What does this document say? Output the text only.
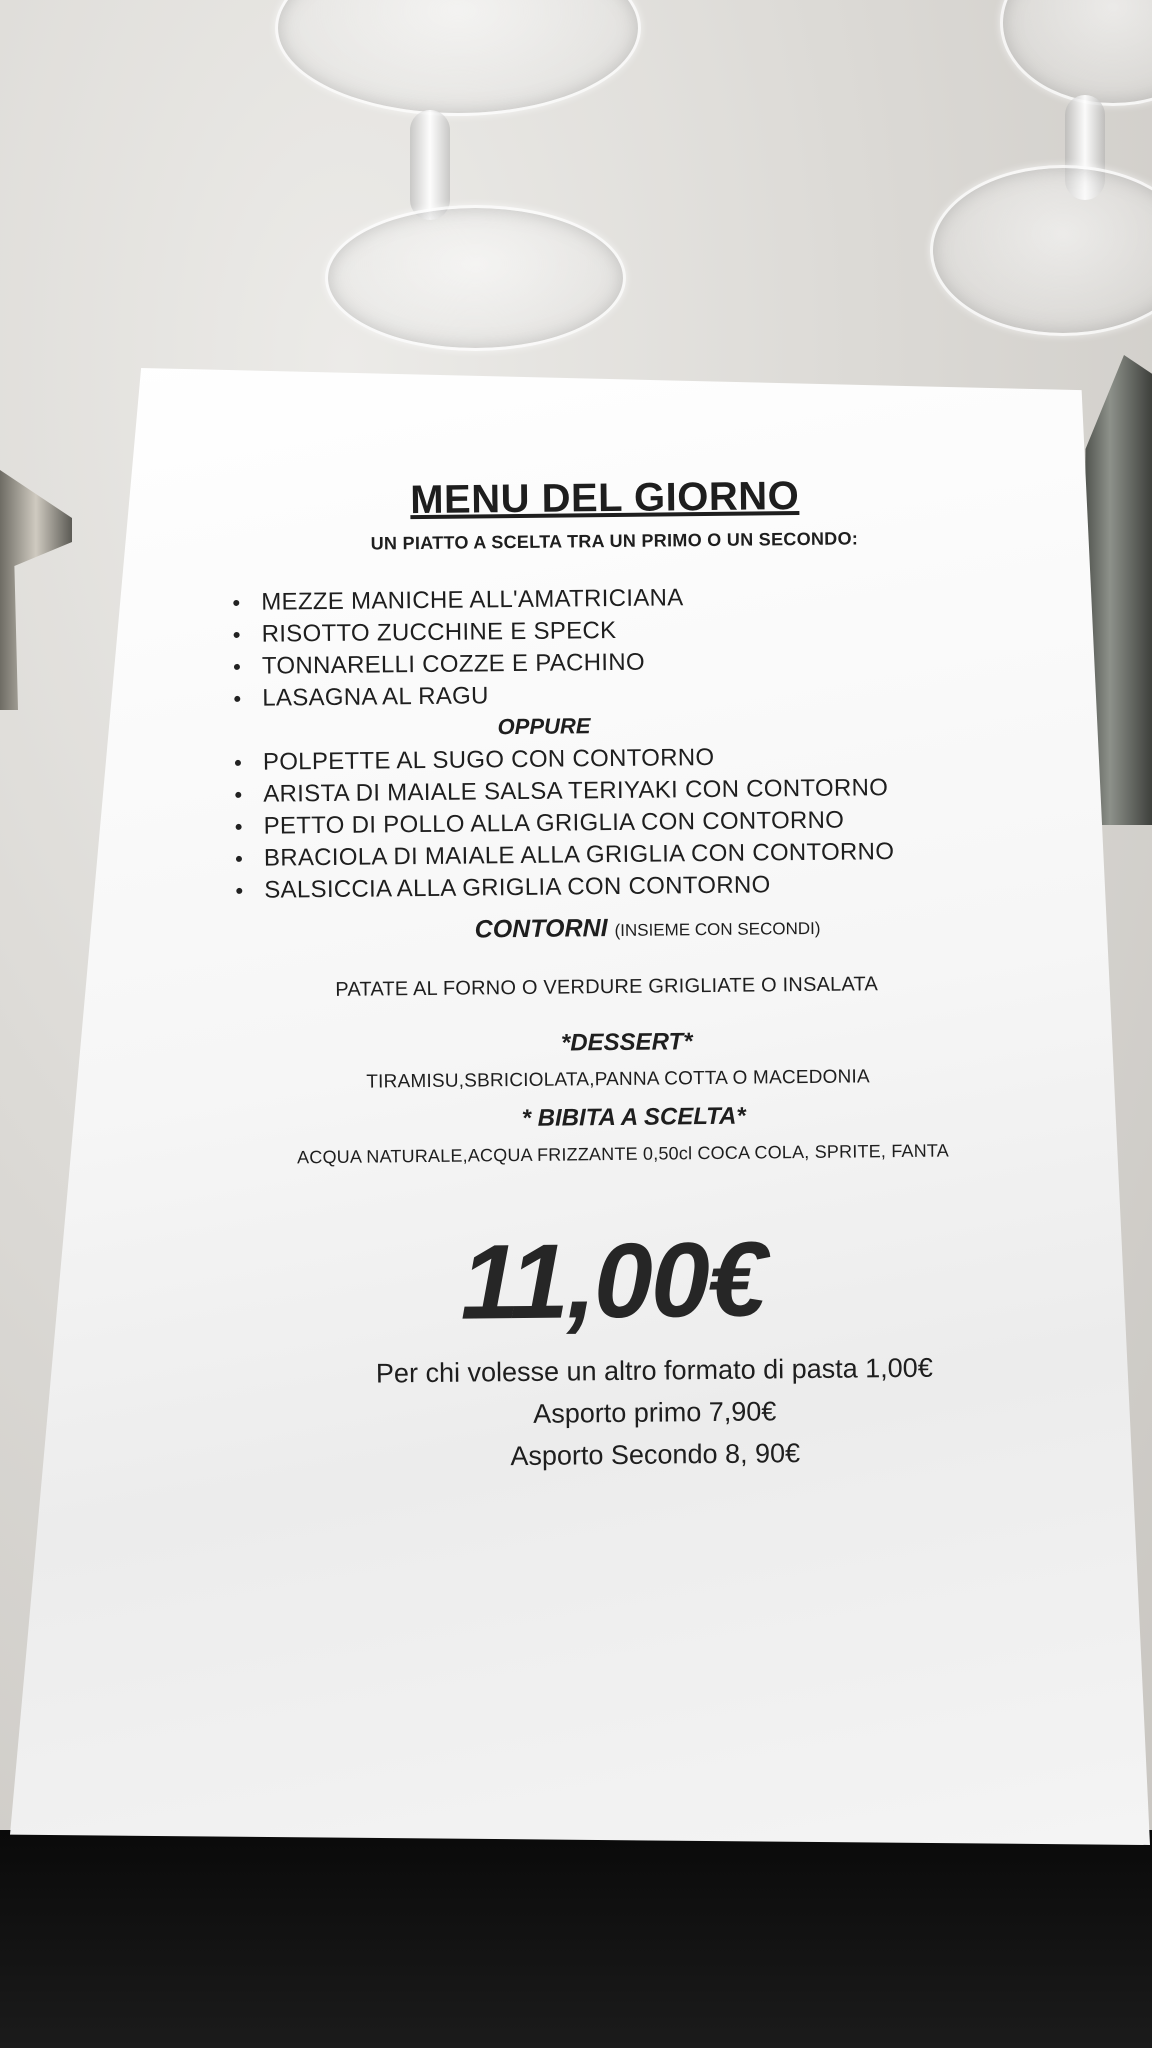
MENU DEL GIORNO
UN PIATTO A SCELTA TRA UN PRIMO O UN SECONDO:
MEZZE MANICHE ALL'AMATRICIANA
RISOTTO ZUCCHINE E SPECK
TONNARELLI COZZE E PACHINO
LASAGNA AL RAGU
OPPURE
POLPETTE AL SUGO CON CONTORNO
ARISTA DI MAIALE SALSA TERIYAKI CON CONTORNO
PETTO DI POLLO ALLA GRIGLIA CON CONTORNO
BRACIOLA DI MAIALE ALLA GRIGLIA CON CONTORNO
SALSICCIA ALLA GRIGLIA CON CONTORNO
CONTORNI (INSIEME CON SECONDI)
PATATE AL FORNO O VERDURE GRIGLIATE O INSALATA
*DESSERT*
TIRAMISU,SBRICIOLATA,PANNA COTTA O MACEDONIA
* BIBITA A SCELTA*
ACQUA NATURALE,ACQUA FRIZZANTE 0,50cl COCA COLA, SPRITE, FANTA
11,00€
Per chi volesse un altro formato di pasta 1,00€
Asporto primo 7,90€
Asporto Secondo 8, 90€
